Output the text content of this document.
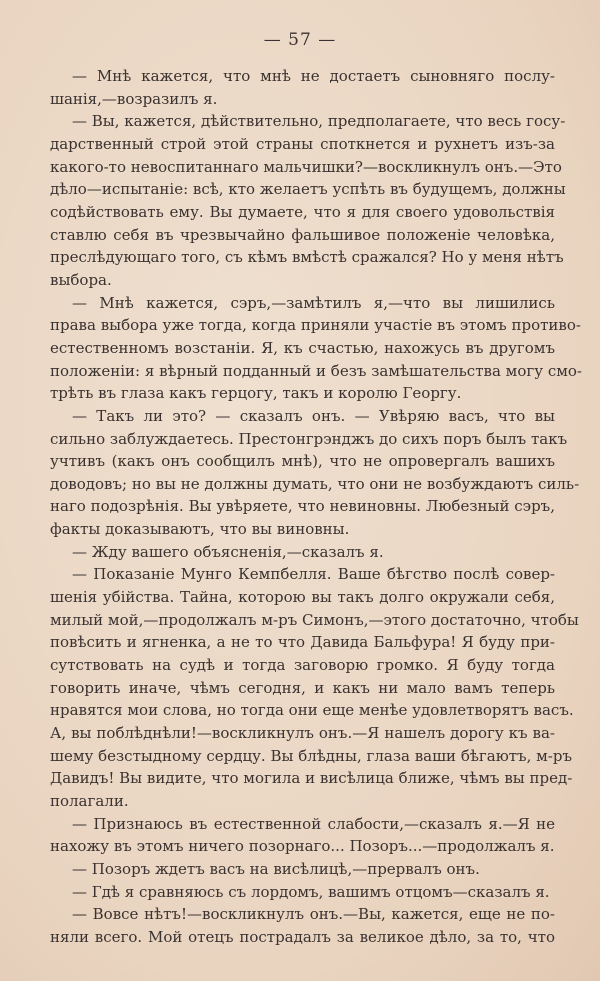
— 57 —
— Мнѣ кажется, что мнѣ не достаетъ сыновняго послу-
шанія,—возразилъ я.
— Вы, кажется, дѣйствительно, предполагаете, что весь госу-
дарственный строй этой страны споткнется и рухнетъ изъ-за
какого-то невоспитаннаго мальчишки?—воскликнулъ онъ.—Это
дѣло—испытаніе: всѣ, кто желаетъ успѣть въ будущемъ, должны
содѣйствовать ему. Вы думаете, что я для своего удовольствія
ставлю себя въ чрезвычайно фальшивое положеніе человѣка,
преслѣдующаго того, съ кѣмъ вмѣстѣ сражался? Но у меня нѣтъ
выбора.
— Мнѣ кажется, сэръ,—замѣтилъ я,—что вы лишились
права выбора уже тогда, когда приняли участіе въ этомъ противо-
естественномъ возстаніи. Я, къ счастью, нахожусь въ другомъ
положеніи: я вѣрный подданный и безъ замѣшательства могу смо-
трѣть въ глаза какъ герцогу, такъ и королю Георгу.
— Такъ ли это? — сказалъ онъ. — Увѣряю васъ, что вы
сильно заблуждаетесь. Престонгрэнджъ до сихъ поръ былъ такъ
учтивъ (какъ онъ сообщилъ мнѣ), что не опровергалъ вашихъ
доводовъ; но вы не должны думать, что они не возбуждаютъ силь-
наго подозрѣнія. Вы увѣряете, что невиновны. Любезный сэръ,
факты доказываютъ, что вы виновны.
— Жду вашего объясненія,—сказалъ я.
— Показаніе Мунго Кемпбелля. Ваше бѣгство послѣ совер-
шенія убійства. Тайна, которою вы такъ долго окружали себя,
милый мой,—продолжалъ м-ръ Симонъ,—этого достаточно, чтобы
повѣсить и ягненка, а не то что Давида Бальфура! Я буду при-
сутствовать на судѣ и тогда заговорю громко. Я буду тогда
говорить иначе, чѣмъ сегодня, и какъ ни мало вамъ теперь
нравятся мои слова, но тогда они еще менѣе удовлетворятъ васъ.
А, вы поблѣднѣли!—воскликнулъ онъ.—Я нашелъ дорогу къ ва-
шему безстыдному сердцу. Вы блѣдны, глаза ваши бѣгаютъ, м-ръ
Давидъ! Вы видите, что могила и висѣлица ближе, чѣмъ вы пред-
полагали.
— Признаюсь въ естественной слабости,—сказалъ я.—Я не
нахожу въ этомъ ничего позорнаго... Позоръ...—продолжалъ я.
— Позоръ ждетъ васъ на висѣлицѣ,—прервалъ онъ.
— Гдѣ я сравняюсь съ лордомъ, вашимъ отцомъ—сказалъ я.
— Вовсе нѣтъ!—воскликнулъ онъ.—Вы, кажется, еще не по-
няли всего. Мой отецъ пострадалъ за великое дѣло, за то, что
